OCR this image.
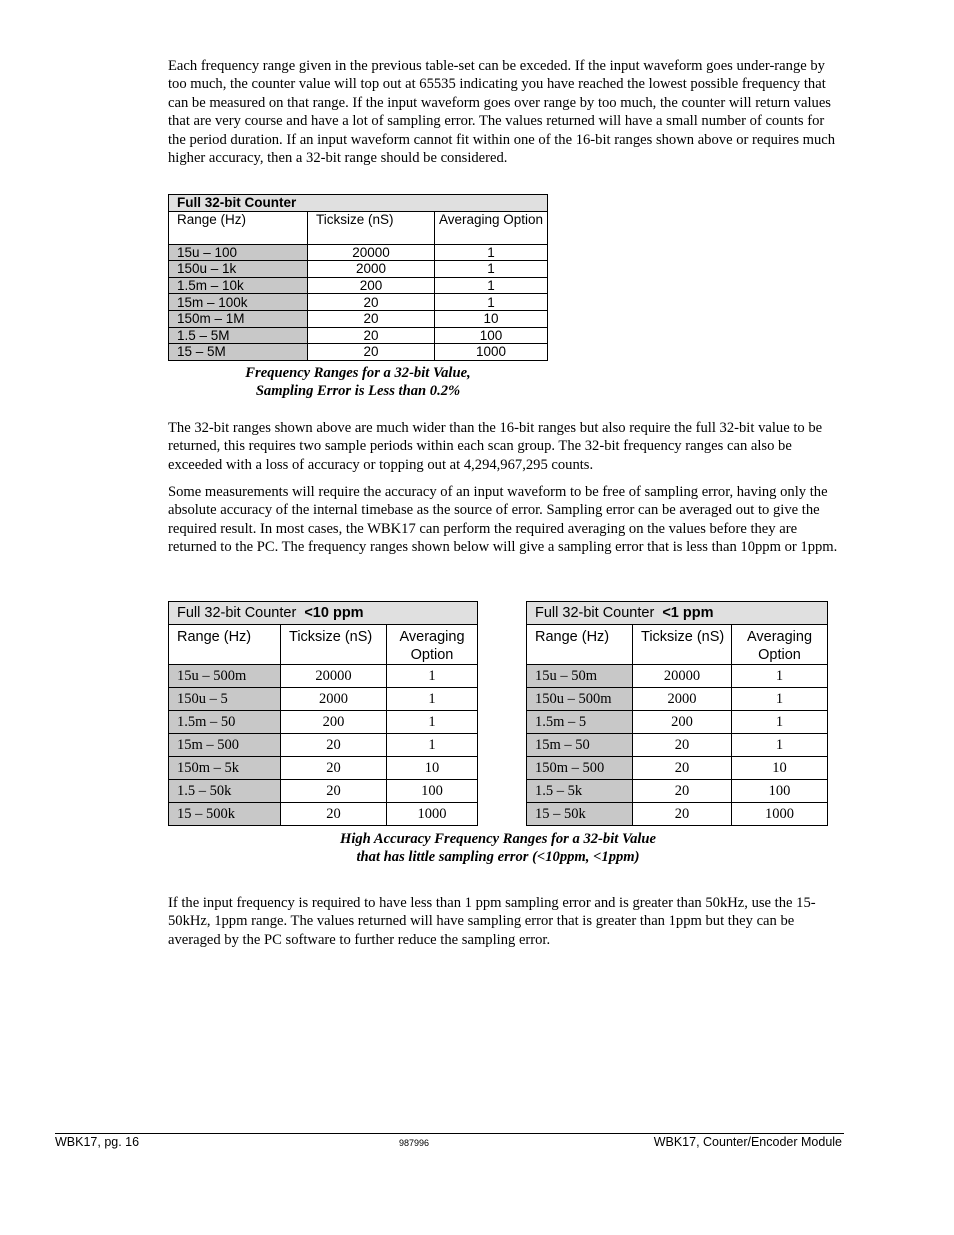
Each frequency range given in the previous table-set can be exceded. If the input waveform goes under-range by too much, the counter value will top out at 65535 indicating you have reached the lowest possible frequency that can be measured on that range. If the input waveform goes over range by too much, the counter will return values that are very course and have a lot of sampling error. The values returned will have a small number of counts for the period duration. If an input waveform cannot fit within one of the 16-bit ranges shown above or requires much higher accuracy, then a 32-bit range should be considered.

Full 32-bit Counter		
Range (Hz)	Ticksize (nS)	Averaging Option
15u – 100	20000	1
150u – 1k	2000	1
1.5m – 10k	200	1
15m – 100k	20	1
150m – 1M	20	10
1.5 – 5M	20	100
15 – 5M	20	1000
Frequency Ranges for a 32-bit Value,
Sampling Error is Less than 0.2%

The 32-bit ranges shown above are much wider than the 16-bit ranges but also require the full 32-bit value to be returned, this requires two sample periods within each scan group. The 32-bit frequency ranges can also be exceeded with a loss of accuracy or topping out at 4,294,967,295 counts.

Some measurements will require the accuracy of an input waveform to be free of sampling error, having only the absolute accuracy of the internal timebase as the source of error. Sampling error can be averaged out to give the required result. In most cases, the WBK17 can perform the required averaging on the values before they are returned to the PC. The frequency ranges shown below will give a sampling error that is less than 10ppm or 1ppm.

Full 32-bit Counter <10 ppm		
Range (Hz)	Ticksize (nS)	Averaging Option
15u – 500m	20000	1
150u – 5	2000	1
1.5m – 50	200	1
15m – 500	20	1
150m – 5k	20	10
1.5 – 50k	20	100
15 – 500k	20	1000
Full 32-bit Counter <1 ppm		
Range (Hz)	Ticksize (nS)	Averaging Option
15u – 50m	20000	1
150u – 500m	2000	1
1.5m – 5	200	1
15m – 50	20	1
150m – 500	20	10
1.5 – 5k	20	100
15 – 50k	20	1000
High Accuracy Frequency Ranges for a 32-bit Value
that has little sampling error (<10ppm, <1ppm)

If the input frequency is required to have less than 1 ppm sampling error and is greater than 50kHz, use the 15-50kHz, 1ppm range. The values returned will have sampling error that is greater than 1ppm but they can be averaged by the PC software to further reduce the sampling error.

WBK17, pg. 16	987996	WBK17, Counter/Encoder Module
